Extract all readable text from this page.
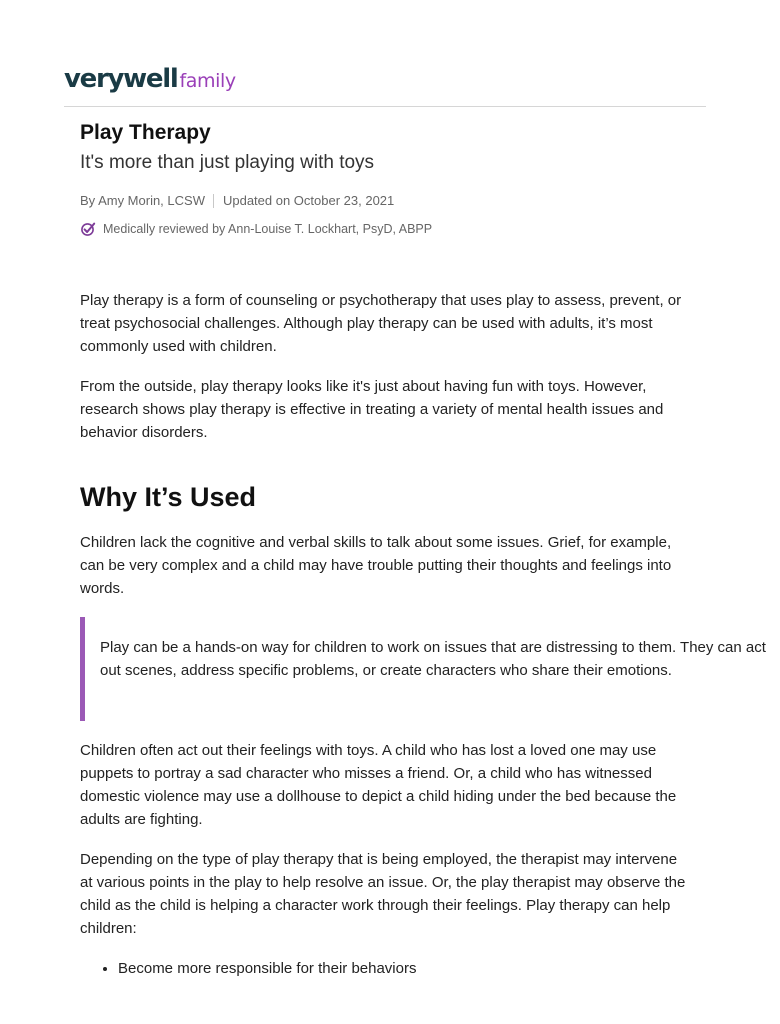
verywell family
Play Therapy

It's more than just playing with toys

By Amy Morin, LCSW Updated on October 23, 2021
Medically reviewed by Ann-Louise T. Lockhart, PsyD, ABPP

Play therapy is a form of counseling or psychotherapy that uses play to assess, prevent, or treat psychosocial challenges. Although play therapy can be used with adults, it’s most commonly used with children.

From the outside, play therapy looks like it's just about having fun with toys. However, research shows play therapy is effective in treating a variety of mental health issues and behavior disorders.

Why It’s Used

Children lack the cognitive and verbal skills to talk about some issues. Grief, for example, can be very complex and a child may have trouble putting their thoughts and feelings into words.

Play can be a hands-on way for children to work on issues that are distressing to them. They can act out scenes, address specific problems, or create characters who share their emotions.

Children often act out their feelings with toys. A child who has lost a loved one may use puppets to portray a sad character who misses a friend. Or, a child who has witnessed domestic violence may use a dollhouse to depict a child hiding under the bed because the adults are fighting.

Depending on the type of play therapy that is being employed, the therapist may intervene at various points in the play to help resolve an issue. Or, the play therapist may observe the child as the child is helping a character work through their feelings. Play therapy can help children:

• Become more responsible for their behaviors
